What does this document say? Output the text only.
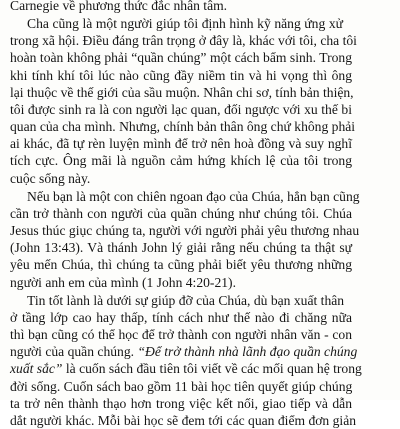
Carnegie về phương thức đắc nhân tâm.
Cha cũng là một người giúp tôi định hình kỹ năng ứng xử
trong xã hội. Điều đáng trân trọng ở đây là, khác với tôi, cha tôi
hoàn toàn không phải “quần chúng” một cách bẩm sinh. Trong
khi tính khí tôi lúc nào cũng đầy niềm tin và hi vọng thì ông
lại thuộc về thế giới của sầu muộn. Nhân chi sơ, tính bản thiện,
tôi được sinh ra là con người lạc quan, đối ngược với xu thế bi
quan của cha mình. Nhưng, chính bản thân ông chứ không phải
ai khác, đã tự rèn luyện mình để trở nên hoà đồng và suy nghĩ
tích cực. Ông mãi là nguồn cảm hứng khích lệ của tôi trong
cuộc sống này.
Nếu bạn là một con chiên ngoan đạo của Chúa, hẳn bạn cũng
cần trở thành con người của quần chúng như chúng tôi. Chúa
Jesus thúc giục chúng ta, người với người phải yêu thương nhau
(John 13:43). Và thánh John lý giải rằng nếu chúng ta thật sự
yêu mến Chúa, thì chúng ta cũng phải biết yêu thương những
người anh em của mình (1 John 4:20-21).
Tin tốt lành là dưới sự giúp đỡ của Chúa, dù bạn xuất thân
ở tầng lớp cao hay thấp, tính cách như thế nào đi chăng nữa
thì bạn cũng có thể học để trở thành con người nhân văn - con
người của quần chúng. “Để trở thành nhà lãnh đạo quần chúng
xuất sắc” là cuốn sách đầu tiên tôi viết về các mối quan hệ trong
đời sống. Cuốn sách bao gồm 11 bài học tiên quyết giúp chúng
ta trở nên thành thạo hơn trong việc kết nối, giao tiếp và dẫn
dắt người khác. Mỗi bài học sẽ đem tới các quan điểm đơn giản
